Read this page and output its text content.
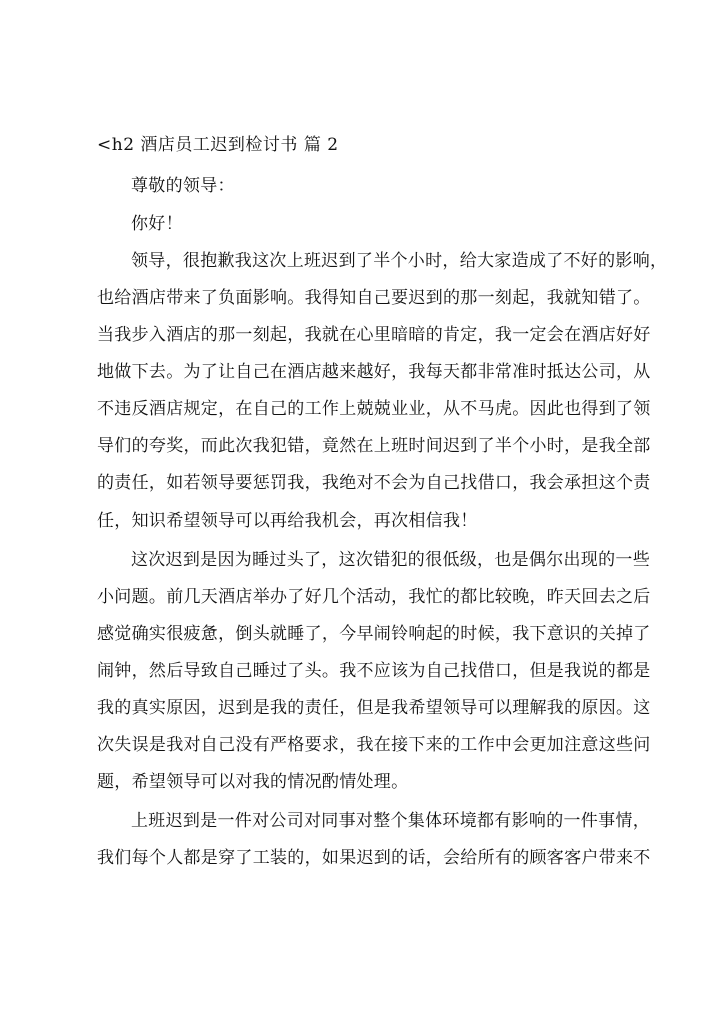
<h2 酒店员工迟到检讨书 篇 2
尊敬的领导：
你好！
领导，很抱歉我这次上班迟到了半个小时，给大家造成了不好的影响，
也给酒店带来了负面影响。我得知自己要迟到的那一刻起，我就知错了。
当我步入酒店的那一刻起，我就在心里暗暗的肯定，我一定会在酒店好好
地做下去。为了让自己在酒店越来越好，我每天都非常准时抵达公司，从
不违反酒店规定，在自己的工作上兢兢业业，从不马虎。因此也得到了领
导们的夸奖，而此次我犯错，竟然在上班时间迟到了半个小时，是我全部
的责任，如若领导要惩罚我，我绝对不会为自己找借口，我会承担这个责
任，知识希望领导可以再给我机会，再次相信我！
这次迟到是因为睡过头了，这次错犯的很低级，也是偶尔出现的一些
小问题。前几天酒店举办了好几个活动，我忙的都比较晚，昨天回去之后
感觉确实很疲惫，倒头就睡了，今早闹铃响起的时候，我下意识的关掉了
闹钟，然后导致自己睡过了头。我不应该为自己找借口，但是我说的都是
我的真实原因，迟到是我的责任，但是我希望领导可以理解我的原因。这
次失误是我对自己没有严格要求，我在接下来的工作中会更加注意这些问
题，希望领导可以对我的情况酌情处理。
上班迟到是一件对公司对同事对整个集体环境都有影响的一件事情，
我们每个人都是穿了工装的，如果迟到的话，会给所有的顾客客户带来不
